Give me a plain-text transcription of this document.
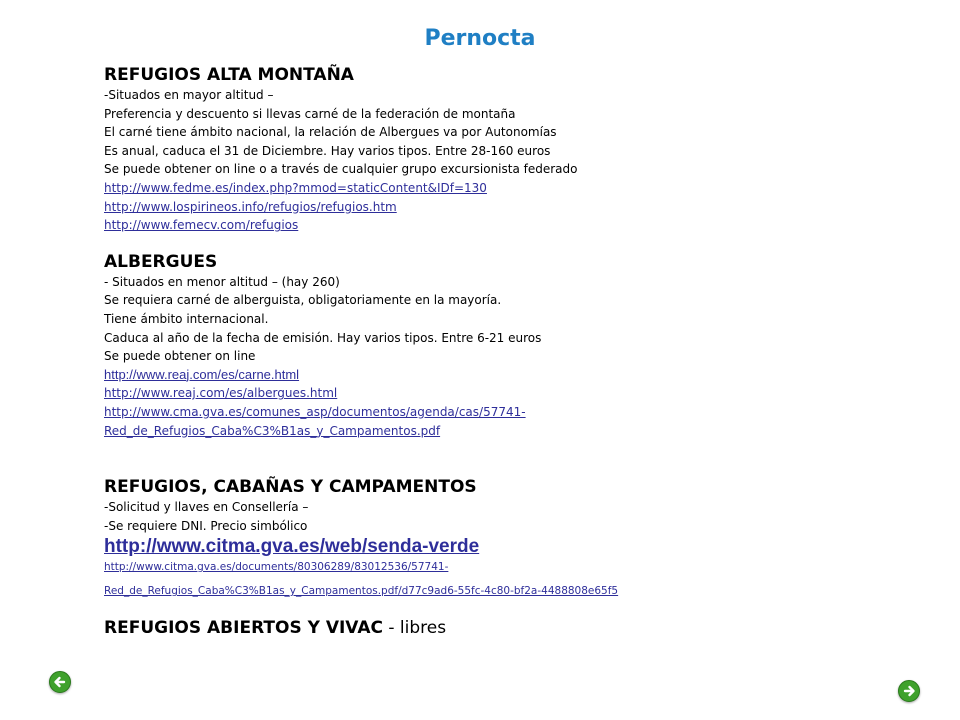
Pernocta

REFUGIOS ALTA MONTAÑA

-Situados en mayor altitud –

Preferencia y descuento si llevas carné de la federación de montaña

El carné tiene ámbito nacional, la relación de Albergues va por Autonomías

Es anual, caduca el 31 de Diciembre. Hay varios tipos. Entre 28-160 euros

Se puede obtener on line o a través de cualquier grupo excursionista federado

http://www.fedme.es/index.php?mmod=staticContent&IDf=130
http://www.lospirineos.info/refugios/refugios.htm
http://www.femecv.com/refugios

ALBERGUES

- Situados en menor altitud – (hay 260)

Se requiera carné de alberguista, obligatoriamente en la mayoría.

Tiene ámbito internacional.

Caduca al año de la fecha de emisión. Hay varios tipos. Entre 6-21 euros

Se puede obtener on line

http://www.reaj.com/es/carne.html
http://www.reaj.com/es/albergues.html
http://www.cma.gva.es/comunes_asp/documentos/agenda/cas/57741-
Red_de_Refugios_Caba%C3%B1as_y_Campamentos.pdf

REFUGIOS, CABAÑAS Y CAMPAMENTOS

-Solicitud y llaves en Consellería –

-Se requiere DNI. Precio simbólico

http://www.citma.gva.es/web/senda-verde
http://www.citma.gva.es/documents/80306289/83012536/57741-
Red_de_Refugios_Caba%C3%B1as_y_Campamentos.pdf/d77c9ad6-55fc-4c80-bf2a-4488808e65f5

REFUGIOS ABIERTOS Y VIVAC - libres
